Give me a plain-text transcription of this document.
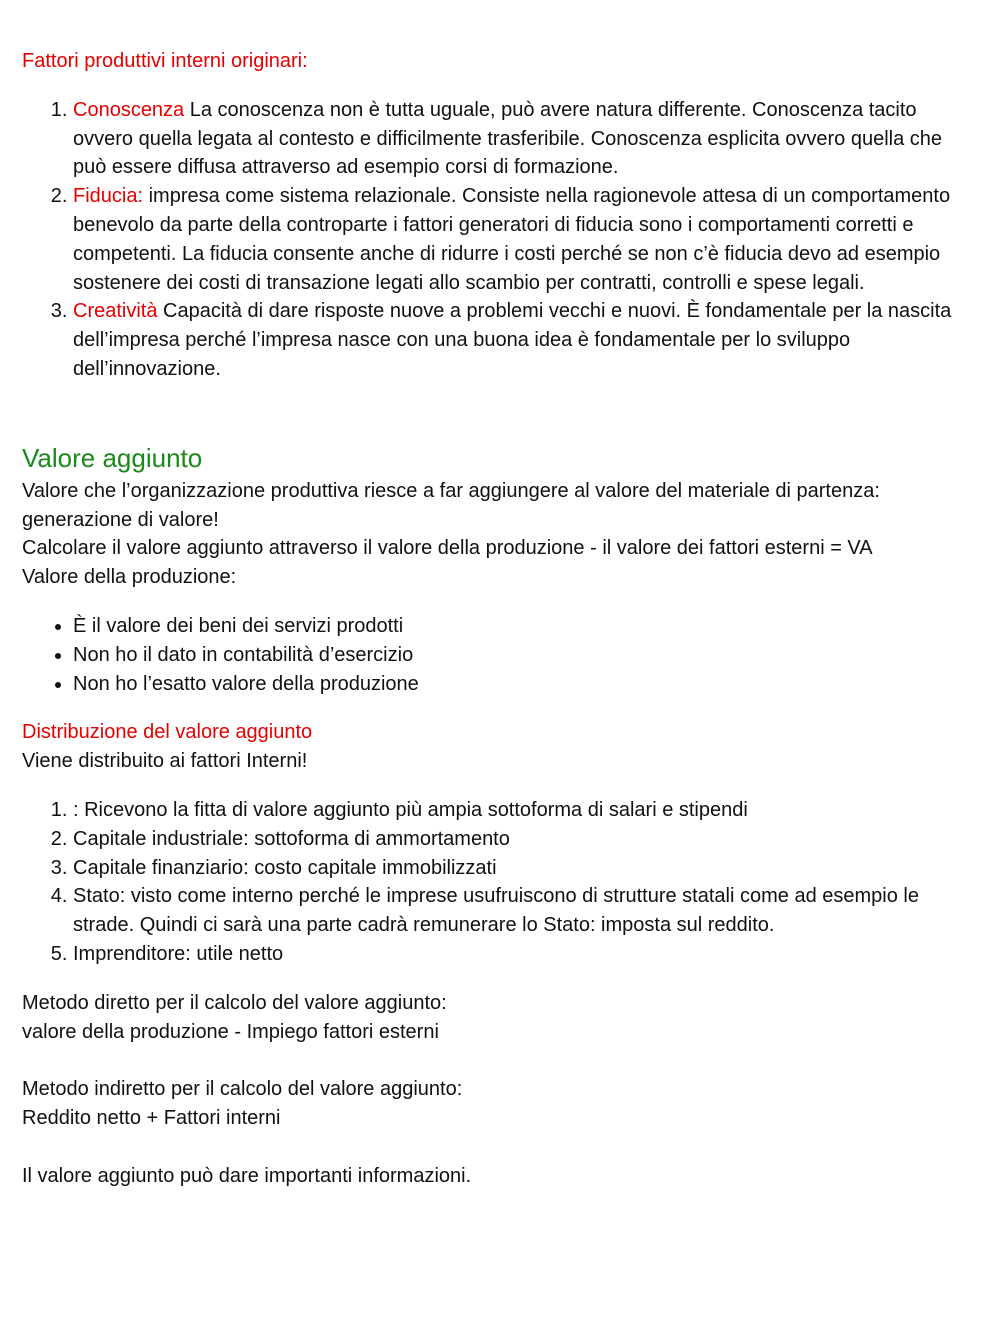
Fattori produttivi interni originari:

1. Conoscenza La conoscenza non è tutta uguale, può avere natura differente. Conoscenza tacito ovvero quella legata al contesto e difficilmente trasferibile. Conoscenza esplicita ovvero quella che può essere diffusa attraverso ad esempio corsi di formazione.
2. Fiducia: impresa come sistema relazionale. Consiste nella ragionevole attesa di un comportamento benevolo da parte della controparte i fattori generatori di fiducia sono i comportamenti corretti e competenti. La fiducia consente anche di ridurre i costi perché se non c’è fiducia devo ad esempio sostenere dei costi di transazione legati allo scambio per contratti, controlli e spese legali.
3. Creatività Capacità di dare risposte nuove a problemi vecchi e nuovi. È fondamentale per la nascita dell’impresa perché l’impresa nasce con una buona idea è fondamentale per lo sviluppo dell’innovazione.
Valore aggiunto

Valore che l’organizzazione produttiva riesce a far aggiungere al valore del materiale di partenza: generazione di valore!

Calcolare il valore aggiunto attraverso il valore della produzione - il valore dei fattori esterni = VA

Valore della produzione:

• È il valore dei beni dei servizi prodotti
• Non ho il dato in contabilità d’esercizio
• Non ho l’esatto valore della produzione

Distribuzione del valore aggiunto

Viene distribuito ai fattori Interni!

1. : Ricevono la fitta di valore aggiunto più ampia sottoforma di salari e stipendi
2. Capitale industriale: sottoforma di ammortamento
3. Capitale finanziario: costo capitale immobilizzati
4. Stato: visto come interno perché le imprese usufruiscono di strutture statali come ad esempio le strade. Quindi ci sarà una parte cadrà remunerare lo Stato: imposta sul reddito.
5. Imprenditore: utile netto

Metodo diretto per il calcolo del valore aggiunto:

valore della produzione - Impiego fattori esterni

Metodo indiretto per il calcolo del valore aggiunto:

Reddito netto + Fattori interni

Il valore aggiunto può dare importanti informazioni.
